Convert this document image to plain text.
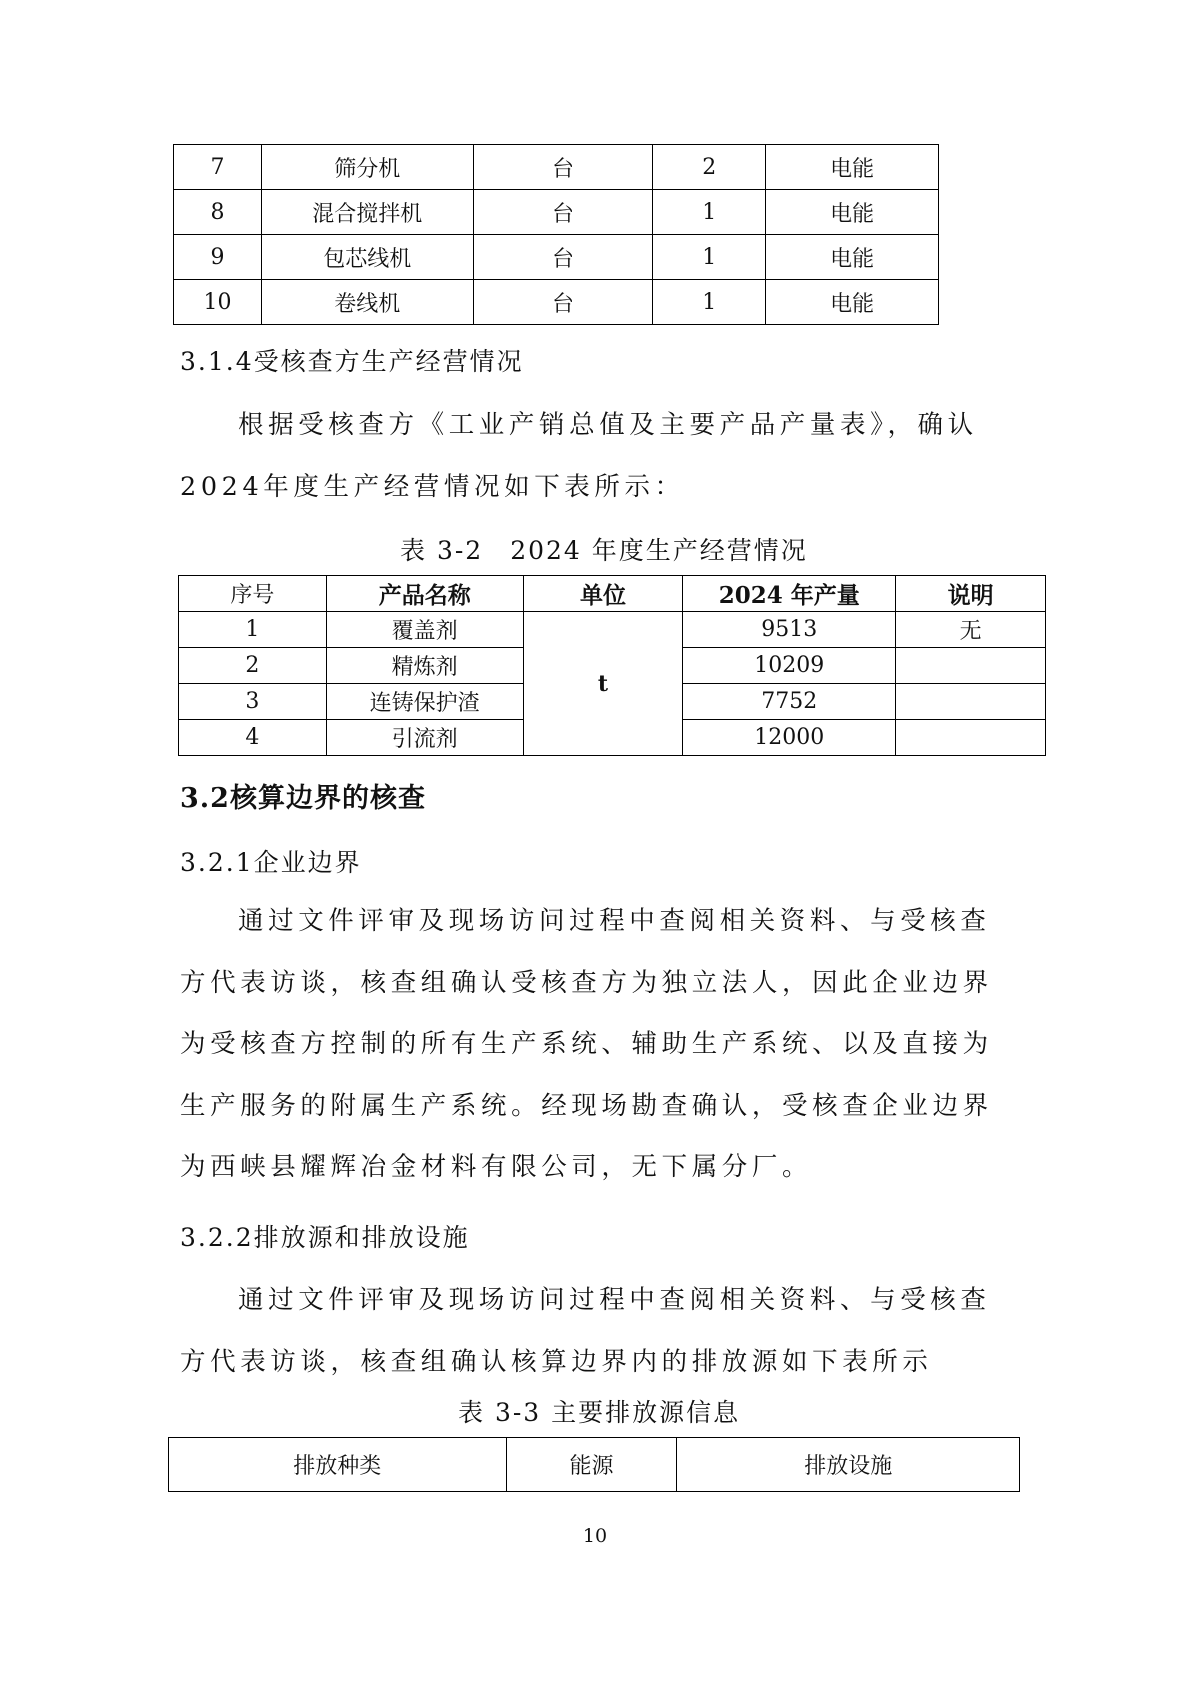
7	筛分机	台	2	电能
8	混合搅拌机	台	1	电能
9	包芯线机	台	1	电能
10	卷线机	台	1	电能
3.1.4受核查方生产经营情况

根据受核查方《工业产销总值及主要产品产量表》，确认 2024年度生产经营情况如下表所示：

表 3-2　2024 年度生产经营情况
序号	产品名称	单位	2024 年产量	说明
1	覆盖剂	t	9513	无
2	精炼剂		10209	
3	连铸保护渣		7752	
4	引流剂		12000	
3.2核算边界的核查
3.2.1企业边界

通过文件评审及现场访问过程中查阅相关资料、与受核查方代表访谈，核查组确认受核查方为独立法人，因此企业边界为受核查方控制的所有生产系统、辅助生产系统、以及直接为生产服务的附属生产系统。经现场勘查确认，受核查企业边界为西峡县耀辉冶金材料有限公司，无下属分厂。

3.2.2排放源和排放设施

通过文件评审及现场访问过程中查阅相关资料、与受核查方代表访谈，核查组确认核算边界内的排放源如下表所示

表 3-3 主要排放源信息
排放种类	能源	排放设施
10
